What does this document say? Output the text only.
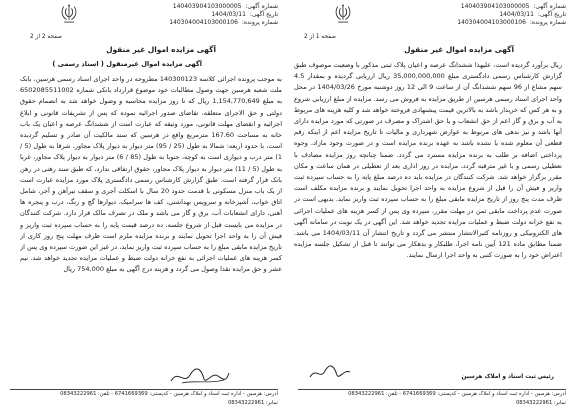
شماره آگهی: 140403904103000005
تاریخ آگهی: 1404/03/11
شماره پرونده: 140304004103000106
صفحه 2 از 2
آگهی مزایده اموال غیر منقول
آگهی مزایده اموال غیرمنقول ( اسناد رسمی )

به موجب پرونده اجرائی کلاسه 140300123 مطروحه در واحد اجرای اسناد رسمی هرسین، بانک ملت شعبه هرسین جهت وصول مطالبات خود موضوع قرارداد بانکی شماره 6502085511002 به مبلغ 1,154,770,649 ریال که تا روز مزایده محاسبه و وصول خواهد شد به انضمام حقوق دولتی و حق الاجرای متعلقه، تقاضای صدور اجرائیه نموده که پس از تشریفات قانونی و ابلاغ اجرائیه و انقضای مهلت قانونی، مورد وثیقه که عبارت است از ششدانگ عرصه و اعیان یک باب خانه به مساحت 167.60 مترمربع واقع در هرسین که سند مالکیت آن صادر و تسلیم گردیده است، با حدود اربعه: شمالا به طول (25 / 95) متر دیوار به دیوار پلاک مجاور، شرقا به طول (5 / 1) متر درب و دیواری است به کوچه، جنوبا به طول (85 / 6) متر دیوار به دیوار پلاک مجاور، غربا به طول (5 / 11) متر دیوار به دیوار پلاک مجاور، حقوق ارتفاقی ندارد، که طبق سند رهنی در رهن بانک قرار گرفته است. طبق گزارش کارشناس رسمی دادگستری پلاک مورد مزایده عبارت است از یک باب منزل مسکونی با قدمت حدود 20 سال با اسکلت آجری و سقف تیرآهن و آجر، شامل اتاق خواب، آشپزخانه و سرویس بهداشتی، کف ها سرامیک، دیوارها گچ و رنگ، درب و پنجره ها آهنی، دارای انشعابات آب، برق و گاز می باشد و ملک در تصرف مالک قرار دارد. شرکت کنندگان در مزایده می بایست قبل از شروع جلسه، ده درصد قیمت پایه را به حساب سپرده ثبت واریز و فیش آن را به واحد اجرا تحویل نمایند و برنده مزایده ملزم است ظرف مهلت پنج روز کاری از تاریخ مزایده مابقی مبلغ را به حساب سپرده ثبت واریز نماید، در غیر این صورت سپرده وی پس از کسر هزینه های عملیات اجرائی به نفع خزانه دولت ضبط و عملیات مزایده تجدید خواهد شد. نیم عشر و حق مزایده نقدا وصول می گردد و هزینه درج آگهی به مبلغ 754,000 ریال

آدرس: هرسین - اداره ثبت اسناد و املاک هرسین - کدپستی: 6741669369 - تلفن: 08343222961
نمابر: 08343222961
شماره آگهی: 140403904103000005
تاریخ آگهی: 1404/03/11
شماره پرونده: 140304004103000106
صفحه 1 از 2
آگهی مزایده اموال غیر منقول

ریال برآورد گردیده است، علیهذا ششدانگ عرصه و اعیان پلاک ثبتی مذکور با وضعیت موصوف طبق گزارش کارشناس رسمی دادگستری مبلغ 35,000,000,000 ریال ارزیابی گردیده و بمقدار 4.5 سهم مشاع از 96 سهم ششدانگ آن از ساعت 9 الی 12 روز دوشنبه مورخ 1404/03/26 در محل واحد اجرای اسناد رسمی هرسین از طریق مزایده به فروش می رسد. مزایده از مبلغ ارزیابی شروع و به هر کس که خریدار باشد به بالاترین قیمت پیشنهادی فروخته خواهد شد و کلیه هزینه های مربوط به آب و برق و گاز اعم از حق انشعاب و یا حق اشتراک و مصرف در صورتی که مورد مزایده دارای آنها باشد و نیز بدهی های مربوط به عوارض شهرداری و مالیات تا تاریخ مزایده اعم از اینکه رقم قطعی آن معلوم شده یا نشده باشد به عهده برنده مزایده است و در صورت وجود مازاد، وجوه پرداختی اضافه بر طلب به برنده مزایده مسترد می گردد. ضمنا چنانچه روز مزایده مصادف با تعطیلی رسمی و یا غیر مترقبه گردد، مزایده در روز اداری بعد از تعطیلی در همان ساعت و مکان مقرر برگزار خواهد شد. شرکت کنندگان در مزایده باید ده درصد مبلغ پایه را به حساب سپرده ثبت واریز و فیش آن را قبل از شروع مزایده به واحد اجرا تحویل نمایند و برنده مزایده مکلف است ظرف مدت پنج روز از تاریخ مزایده مابقی مبلغ را به حساب سپرده ثبت واریز نماید. بدیهی است در صورت عدم پرداخت مابقی ثمن در مهلت مقرر، سپرده وی پس از کسر هزینه های عملیات اجرائی به نفع خزانه دولت ضبط و عملیات مزایده تجدید خواهد شد. این آگهی در یک نوبت در سامانه آگهی های الکترونیکی و روزنامه کثیرالانتشار منتشر می گردد و تاریخ انتشار آن 1404/03/11 می باشد. ضمنا مطابق ماده 121 آیین نامه اجرا، طلبکار و بدهکار می توانند تا قبل از تشکیل جلسه مزایده اعتراض خود را به صورت کتبی به واحد اجرا ارسال نمایند.

رئیس ثبت اسناد و املاک هرسین
آدرس: هرسین - اداره ثبت اسناد و املاک هرسین - کدپستی: 6741669369 - تلفن: 08343222961
نمابر: 08343222961
